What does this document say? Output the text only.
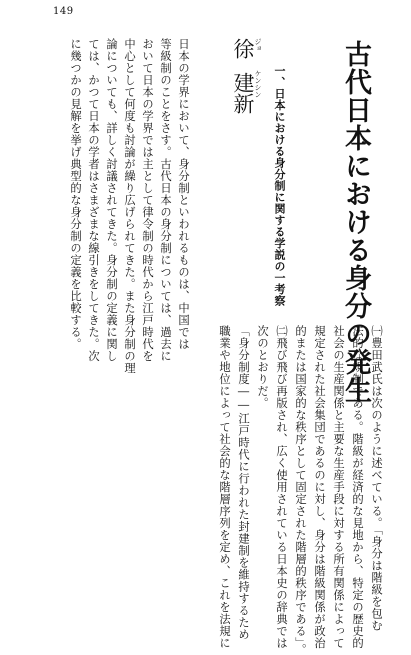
149
古代日本における身分の発生
徐 ジョ
建新 ケンシン 一、日本における身分制に関する学説の一考察

日本の学界において、身分制といわれるものは、中国では

等級制のことをさす。古代日本の身分制については、過去に

おいて日本の学界では主として律令制の時代から江戸時代を

中心として何度も討論が繰り広げられてきた。また身分制の理

論についても、詳しく討議されてきた。身分制の定義に関し

ては、かつて日本の学者はさまざまな線引きをしてきた。次

に幾つかの見解を挙げ典型的な身分制の定義を比較する。

㈠豊田武氏は次のように述べている。「身分は階級を包む

法的な規制である。階級が経済的な見地から、特定の歴史的

社会の生産関係と主要な生産手段に対する所有関係によって

規定された社会集団であるのに対し、身分は階級関係が政治

的または国家的な秩序として固定された階層的秩序である」。

㈡飛び飛び再版され、広く使用されている日本史の辞典では

次のとおりだ。

「身分制度――江戸時代に行われた封建制を維持するため

職業や地位によって社会的な階層序列を定め、これを法規に
